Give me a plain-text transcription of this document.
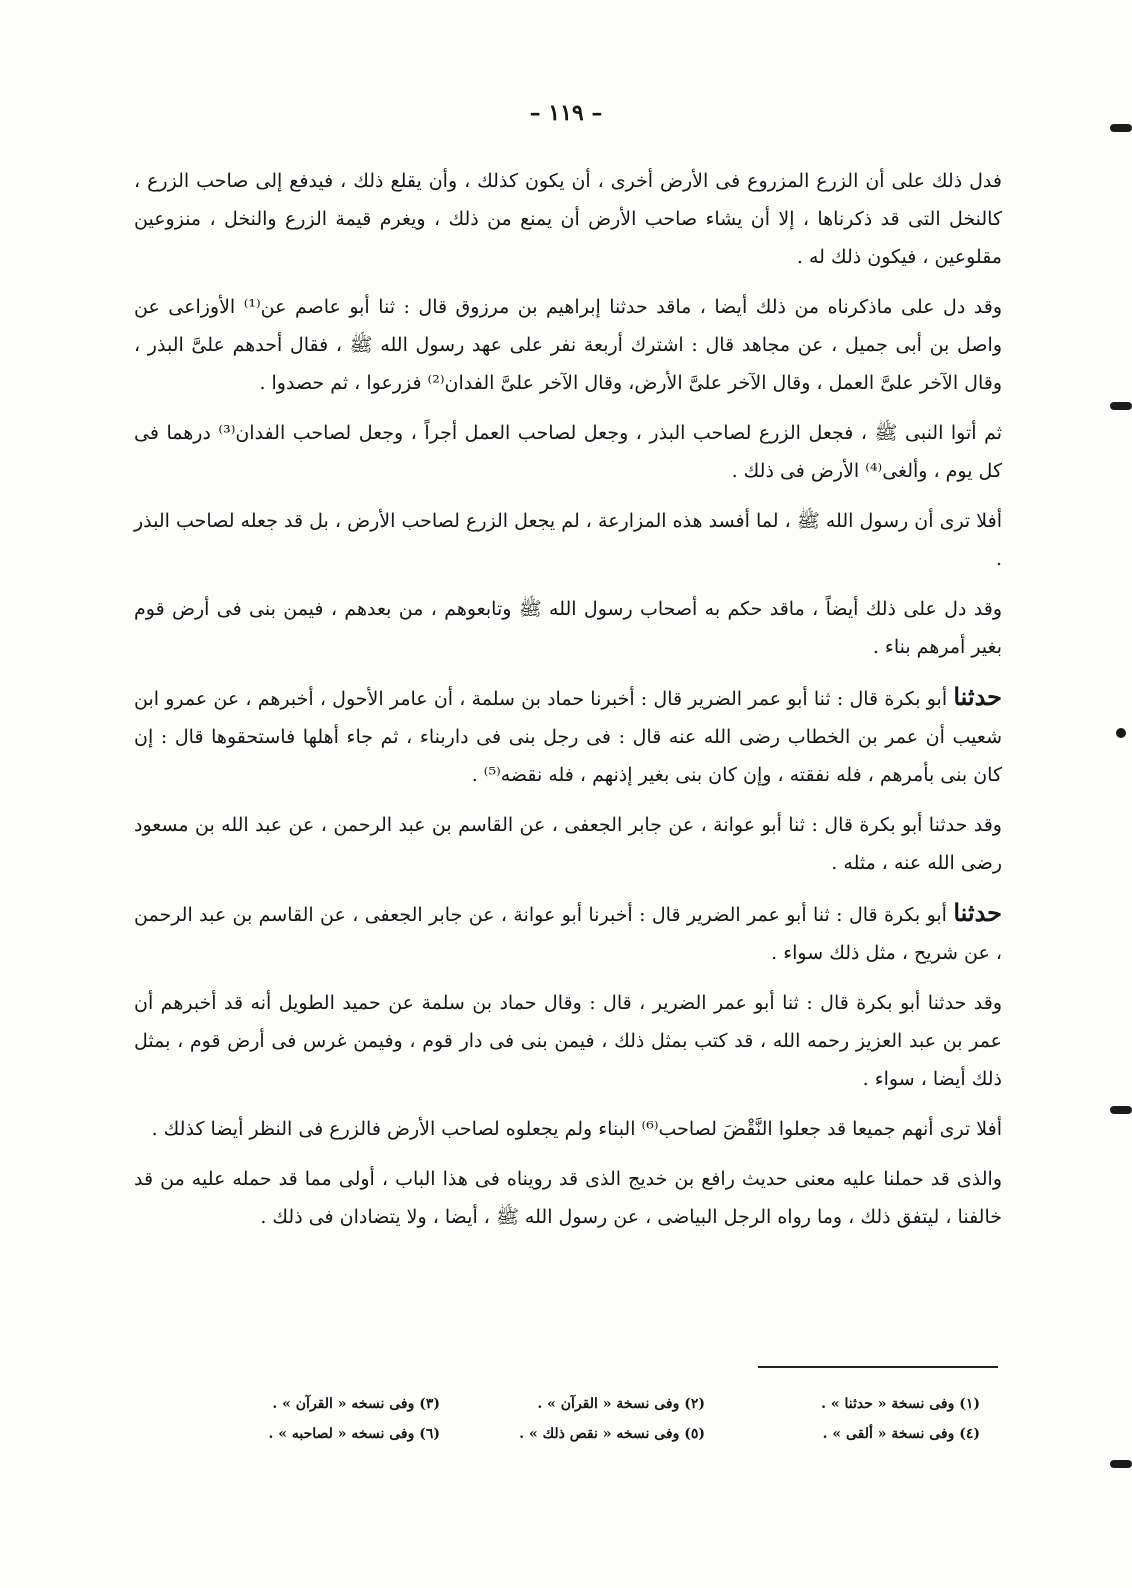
– ١١٩ –

فدل ذلك على أن الزرع المزروع فى الأرض أخرى ، أن يكون كذلك ، وأن يقلع ذلك ، فيدفع إلى صاحب الزرع ، كالنخل التى قد ذكرناها ، إلا أن يشاء صاحب الأرض أن يمنع من ذلك ، ويغرم قيمة الزرع والنخل ، منزوعين مقلوعين ، فيكون ذلك له .

وقد دل على ماذكرناه من ذلك أيضا ، ماقد حدثنا إبراهيم بن مرزوق قال : ثنا أبو عاصم عن⁽¹⁾ الأوزاعى عن واصل بن أبى جميل ، عن مجاهد قال : اشترك أربعة نفر على عهد رسول الله ﷺ ، فقال أحدهم علىَّ البذر ، وقال الآخر علىَّ العمل ، وقال الآخر علىَّ الأرض، وقال الآخر علىَّ الفدان⁽²⁾ فزرعوا ، ثم حصدوا .

ثم أتوا النبى ﷺ ، فجعل الزرع لصاحب البذر ، وجعل لصاحب العمل أجراً ، وجعل لصاحب الفدان⁽³⁾ درهما فى كل يوم ، وألغى⁽⁴⁾ الأرض فى ذلك .

أفلا ترى أن رسول الله ﷺ ، لما أفسد هذه المزارعة ، لم يجعل الزرع لصاحب الأرض ، بل قد جعله لصاحب البذر .

وقد دل على ذلك أيضاً ، ماقد حكم به أصحاب رسول الله ﷺ وتابعوهم ، من بعدهم ، فيمن بنى فى أرض قوم بغير أمرهم بناء .

حدثنا أبو بكرة قال : ثنا أبو عمر الضرير قال : أخبرنا حماد بن سلمة ، أن عامر الأحول ، أخبرهم ، عن عمرو ابن شعيب أن عمر بن الخطاب رضى الله عنه قال : فى رجل بنى فى داربناء ، ثم جاء أهلها فاستحقوها قال : إن كان بنى بأمرهم ، فله نفقته ، وإن كان بنى بغير إذنهم ، فله نقضه⁽⁵⁾ .

وقد حدثنا أبو بكرة قال : ثنا أبو عوانة ، عن جابر الجعفى ، عن القاسم بن عبد الرحمن ، عن عبد الله بن مسعود رضى الله عنه ، مثله .

حدثنا أبو بكرة قال : ثنا أبو عمر الضرير قال : أخبرنا أبو عوانة ، عن جابر الجعفى ، عن القاسم بن عبد الرحمن ، عن شريح ، مثل ذلك سواء .

وقد حدثنا أبو بكرة قال : ثنا أبو عمر الضرير ، قال : وقال حماد بن سلمة عن حميد الطويل أنه قد أخبرهم أن عمر بن عبد العزيز رحمه الله ، قد كتب بمثل ذلك ، فيمن بنى فى دار قوم ، وفيمن غرس فى أرض قوم ، بمثل ذلك أيضا ، سواء .

أفلا ترى أنهم جميعا قد جعلوا النَّقْضَ لصاحب⁽⁶⁾ البناء ولم يجعلوه لصاحب الأرض فالزرع فى النظر أيضا كذلك .

والذى قد حملنا عليه معنى حديث رافع بن خديج الذى قد رويناه فى هذا الباب ، أولى مما قد حمله عليه من قد خالفنا ، ليتفق ذلك ، وما رواه الرجل البياضى ، عن رسول الله ﷺ ، أيضا ، ولا يتضادان فى ذلك .

(١) وفى نسخة « حدثنا » .
(٢) وفى نسخة « القرآن » .
(٣) وفى نسخه « القرآن » .
(٤) وفى نسخة « ألقى » .
(٥) وفى نسخه « نقص ذلك » .
(٦) وفى نسخه « لصاحبه » .
